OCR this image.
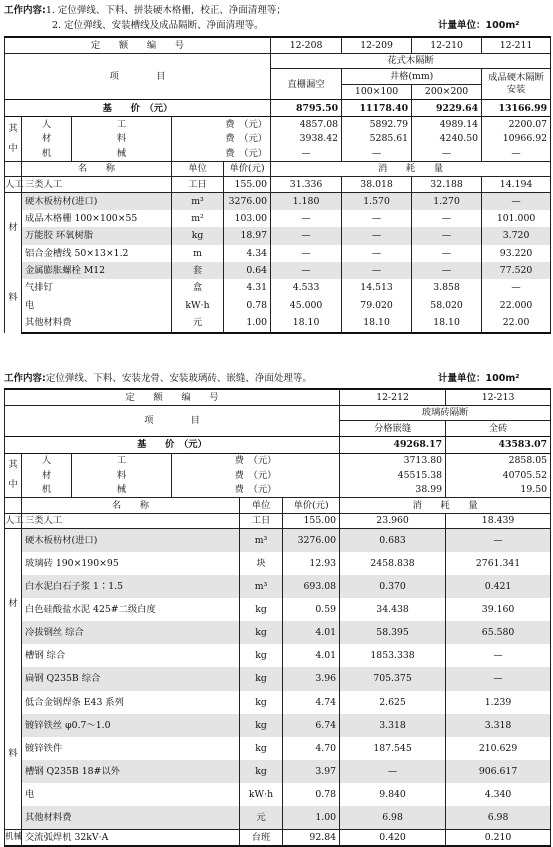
工作内容:1. 定位弹线、下料、拼装硬木格栅，校正、净面清理等；
2. 定位弹线、安装槽线及成品隔断、净面清理等。	计量单位：100m²
定　　额　　编　　号					12-208	12-209	12-210	12-211
项　　　　目					花式木隔断			
					直栅漏空	井格(mm)		成品硬木隔断安装
						100×100	200×200	
基　　价　（元）					8795.50	11178.40	9229.64	13166.99
其
中	人	工	费　（元）		4857.08	5892.79	4989.14	2200.07
	材	料	费　（元）		3938.42	5285.61	4240.50	10966.92
	机	械	费　（元）		—	—	—	—
	名　　称		单位	单价(元)	消　　耗　　量			
人工	三类人工		工日	155.00	31.336	38.018	32.188	14.194
材
料	硬木板枋材(进口)		m³	3276.00	1.180	1.570	1.270	—
	成品木格栅 100×100×55		m²	103.00	—	—	—	101.000
	万能胶 环氧树脂		kg	18.97	—	—	—	3.720
	铝合金槽线 50×13×1.2		m	4.34	—	—	—	93.220
	金属膨胀螺栓 M12		套	0.64	—	—	—	77.520
	气排钉		盒	4.31	4.533	14.513	3.858	—
	电		kW·h	0.78	45.000	79.020	58.020	22.000
	其他材料费		元	1.00	18.10	18.10	18.10	22.00
工作内容:定位弹线、下料、安装龙骨、安装玻璃砖、嵌缝、净面处理等。	计量单位：100m²
定　　额　　编　　号						12-212	12-213
项　　　　目						玻璃砖隔断	
						分格嵌缝	全砖
基　　价　（元）						49268.17	43583.07
其
中	人	工	费　（元）			3713.80	2858.05
	材	料	费　（元）			45515.38	40705.52
	机	械	费　（元）			38.99	19.50
	名　　称			单位	单价(元)	消　　耗　　量	
人工	三类人工			工日	155.00	23.960	18.439
材
料	硬木板枋材(进口)			m³	3276.00	0.683	—
	玻璃砖 190×190×95			块	12.93	2458.838	2761.341
	白水泥白石子浆 1∶1.5			m³	693.08	0.370	0.421
	白色硅酸盐水泥 425#二级白度			kg	0.59	34.438	39.160
	冷拔钢丝 综合			kg	4.01	58.395	65.580
	槽钢 综合			kg	4.01	1853.338	—
	扁钢 Q235B 综合			kg	3.96	705.375	—
	低合金钢焊条 E43 系列			kg	4.74	2.625	1.239
	镀锌铁丝 φ0.7～1.0			kg	6.74	3.318	3.318
	镀锌铁件			kg	4.70	187.545	210.629
	槽钢 Q235B 18#以外			kg	3.97	—	906.617
	电			kW·h	0.78	9.840	4.340
	其他材料费			元	1.00	6.98	6.98
机械	交流弧焊机 32kV·A			台班	92.84	0.420	0.210
